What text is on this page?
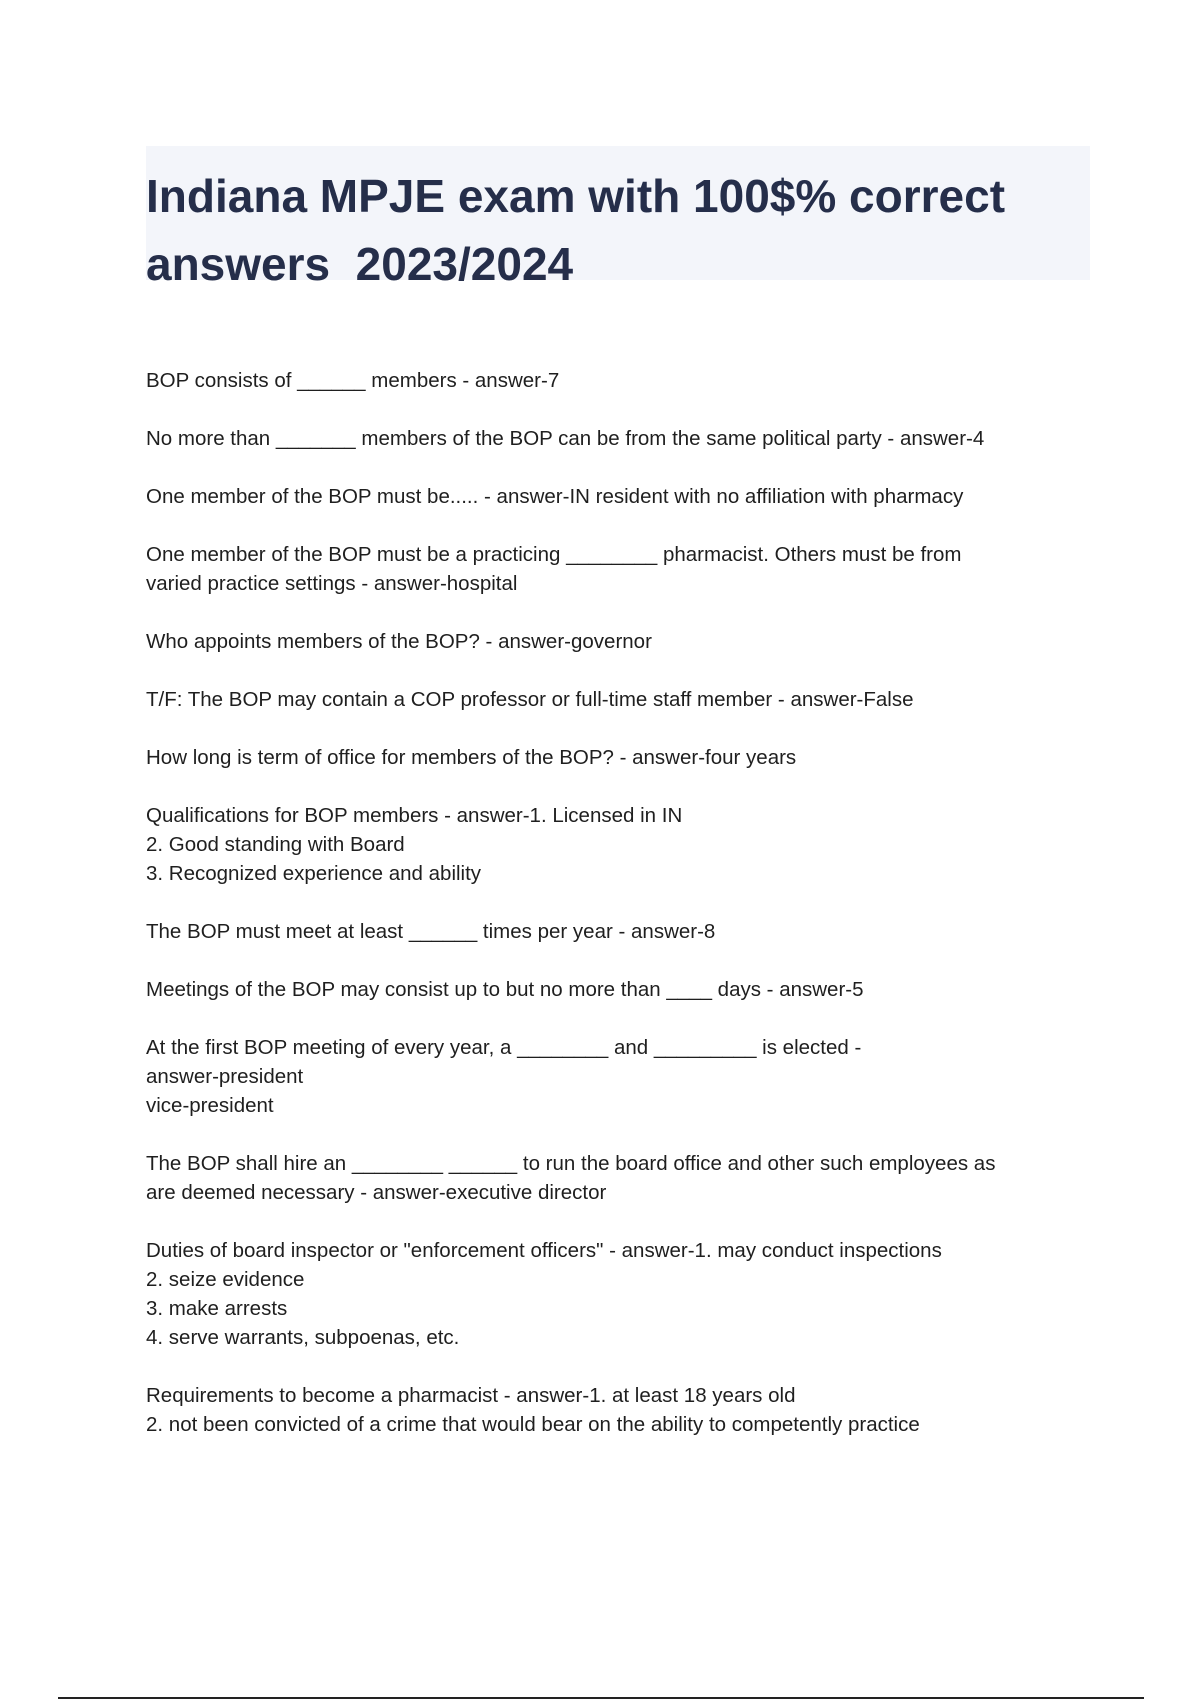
Indiana MPJE exam with 100$% correct
answers  2023/2024
BOP consists of ______ members - answer-7
No more than _______ members of the BOP can be from the same political party - answer-4
One member of the BOP must be..... - answer-IN resident with no affiliation with pharmacy
One member of the BOP must be a practicing ________ pharmacist. Others must be from
varied practice settings - answer-hospital
Who appoints members of the BOP? - answer-governor
T/F: The BOP may contain a COP professor or full-time staff member - answer-False
How long is term of office for members of the BOP? - answer-four years
Qualifications for BOP members - answer-1. Licensed in IN
2. Good standing with Board
3. Recognized experience and ability
The BOP must meet at least ______ times per year - answer-8
Meetings of the BOP may consist up to but no more than ____ days - answer-5
At the first BOP meeting of every year, a ________ and _________ is elected -
answer-president
vice-president
The BOP shall hire an ________ ______ to run the board office and other such employees as
are deemed necessary - answer-executive director
Duties of board inspector or "enforcement officers" - answer-1. may conduct inspections
2. seize evidence
3. make arrests
4. serve warrants, subpoenas, etc.
Requirements to become a pharmacist - answer-1. at least 18 years old
2. not been convicted of a crime that would bear on the ability to competently practice
